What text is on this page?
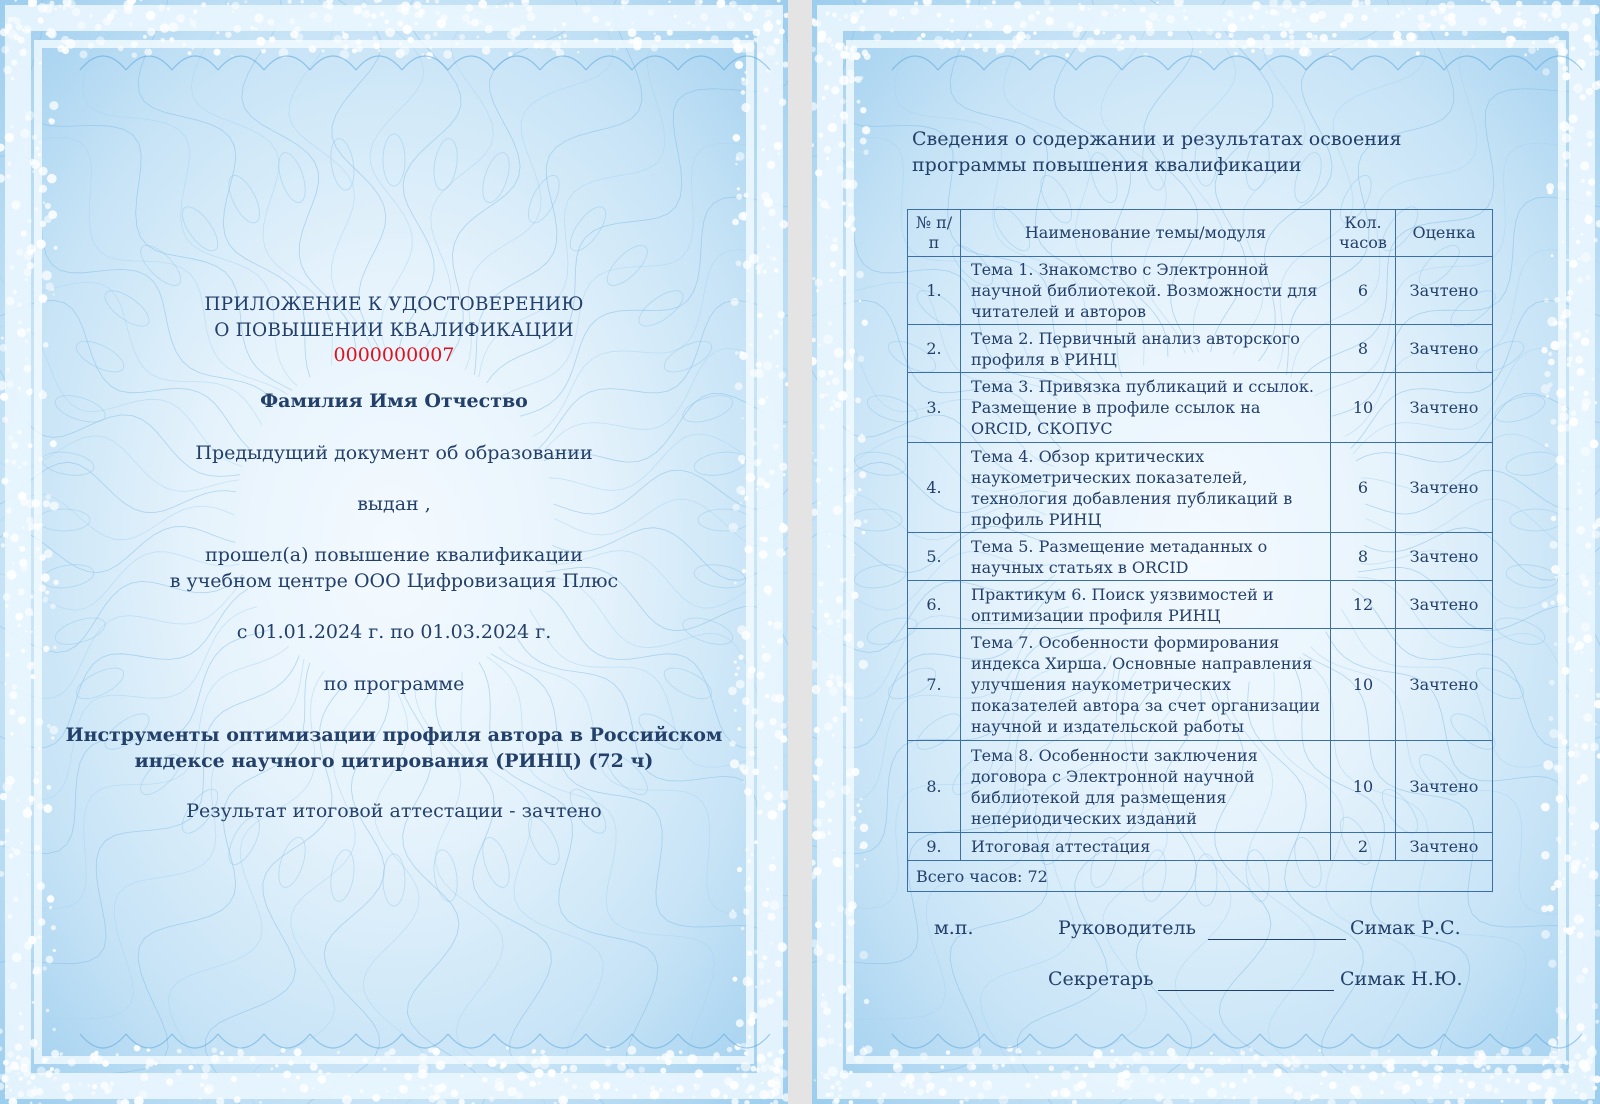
ПРИЛОЖЕНИЕ К УДОСТОВЕРЕНИЮ
О ПОВЫШЕНИИ КВАЛИФИКАЦИИ
0000000007
Фамилия Имя Отчество
Предыдущий документ об образовании
выдан ,
прошел(а) повышение квалификации
в учебном центре ООО Цифровизация Плюс
с 01.01.2024 г. по 01.03.2024 г.
по программе
Инструменты оптимизации профиля автора в Российском
индексе научного цитирования (РИНЦ) (72 ч)
Результат итоговой аттестации - зачтено
Сведения о содержании и результатах освоения
программы повышения квалификации
№ п/п	Наименование темы/модуля	Кол. часов	Оценка
1.	Тема 1. Знакомство с Электронной научной библиотекой. Возможности для читателей и авторов	6	Зачтено
2.	Тема 2. Первичный анализ авторского профиля в РИНЦ	8	Зачтено
3.	Тема 3. Привязка публикаций и ссылок. Размещение в профиле ссылок на ORCID, СКОПУС	10	Зачтено
4.	Тема 4. Обзор критических наукометрических показателей, технология добавления публикаций в профиль РИНЦ	6	Зачтено
5.	Тема 5. Размещение метаданных о научных статьях в ORCID	8	Зачтено
6.	Практикум 6. Поиск уязвимостей и оптимизации профиля РИНЦ	12	Зачтено
7.	Тема 7. Особенности формирования индекса Хирша. Основные направления улучшения наукометрических показателей автора за счет организации научной и издательской работы	10	Зачтено
8.	Тема 8. Особенности заключения договора с Электронной научной библиотекой для размещения непериодических изданий	10	Зачтено
9.	Итоговая аттестация	2	Зачтено
Всего часов: 72			
м.п.	Руководитель	Симак Р.С.
Секретарь	Симак Н.Ю.
